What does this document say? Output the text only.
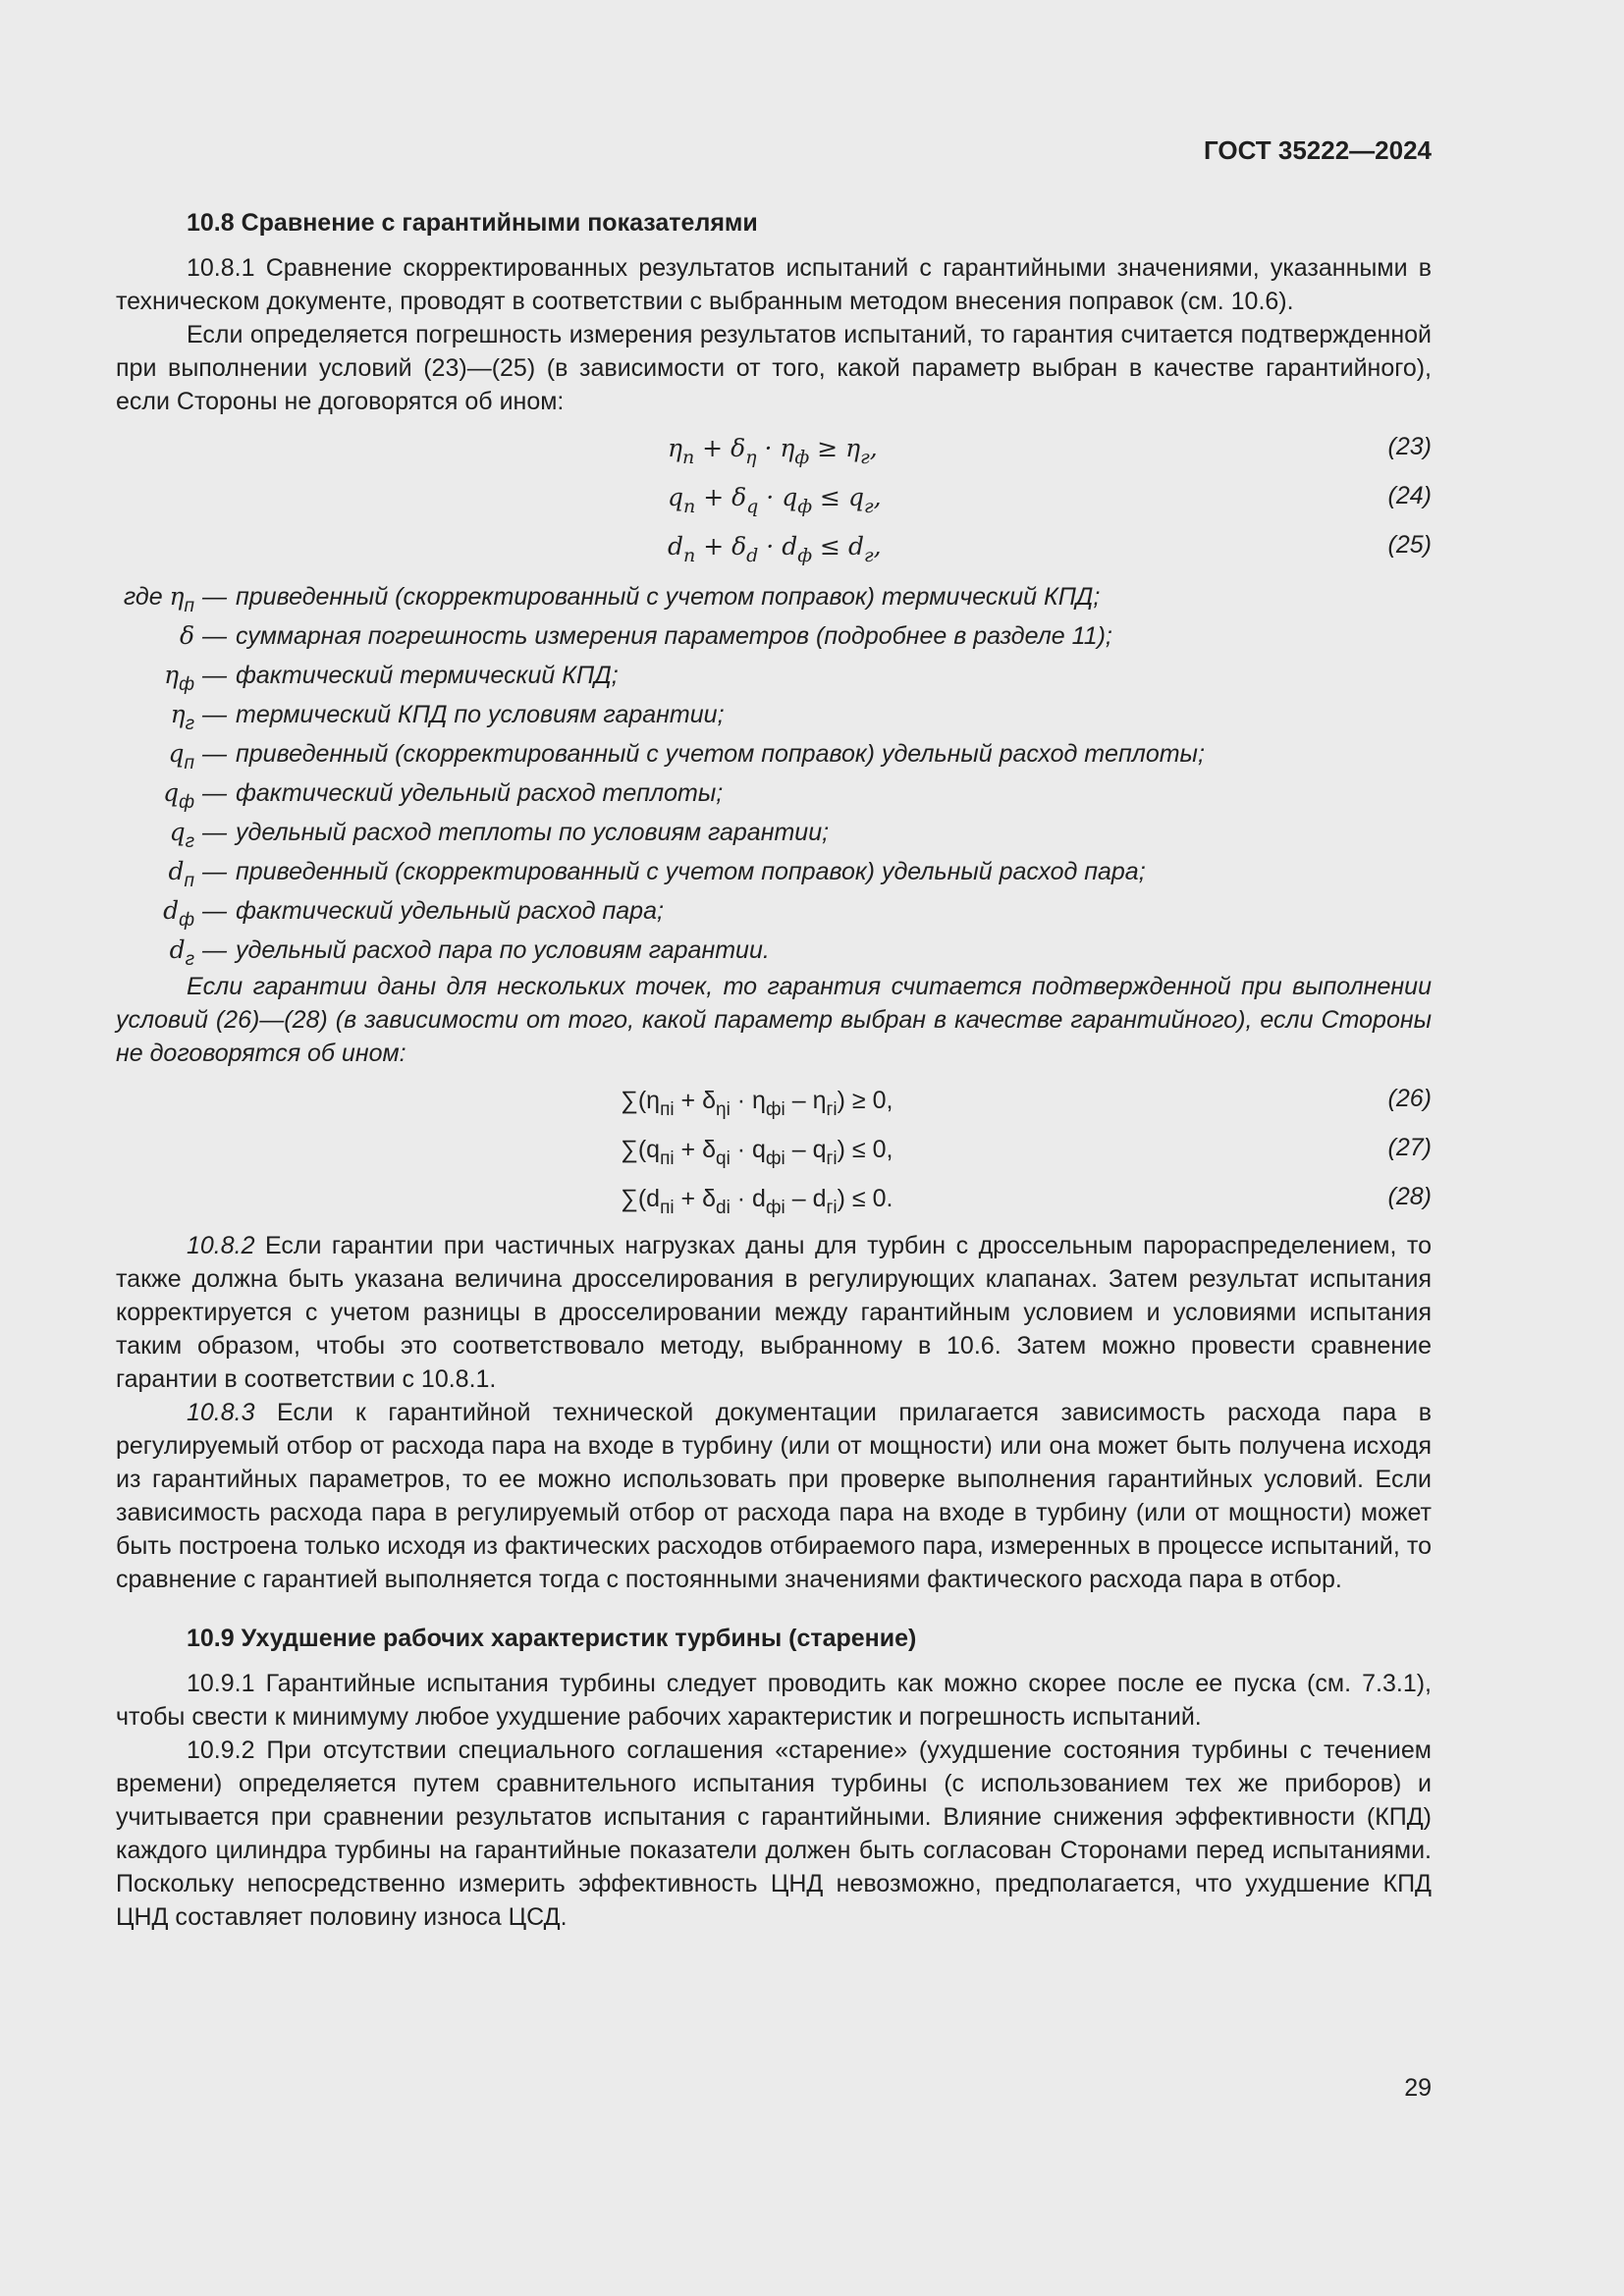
ГОСТ 35222—2024
10.8 Сравнение с гарантийными показателями

10.8.1 Сравнение скорректированных результатов испытаний с гарантийными значениями, указанными в техническом документе, проводят в соответствии с выбранным методом внесения поправок (см. 10.6).

Если определяется погрешность измерения результатов испытаний, то гарантия считается подтвержденной при выполнении условий (23)—(25) (в зависимости от того, какой параметр выбран в качестве гарантийного), если Стороны не договорятся об ином:

$\eta_п + \delta_\eta \cdot \eta_ф \ge \eta_г$,	(23)
$q_п + \delta_q \cdot q_ф \le q_г$,	(24)
$d_п + \delta_d \cdot d_ф \le d_г$,	(25)
где $\eta_п$ — приведенный (скорректированный с учетом поправок) термический КПД;
δ — суммарная погрешность измерения параметров (подробнее в разделе 11);
$\eta_ф$ — фактический термический КПД;
$\eta_г$ — термический КПД по условиям гарантии;
$q_п$ — приведенный (скорректированный с учетом поправок) удельный расход теплоты;
$q_ф$ — фактический удельный расход теплоты;
$q_г$ — удельный расход теплоты по условиям гарантии;
$d_п$ — приведенный (скорректированный с учетом поправок) удельный расход пара;
$d_ф$ — фактический удельный расход пара;
$d_г$ — удельный расход пара по условиям гарантии.

Если гарантии даны для нескольких точек, то гарантия считается подтвержденной при выполнении условий (26)—(28) (в зависимости от того, какой параметр выбран в качестве гарантийного), если Стороны не договорятся об ином:

$\sum(\eta_{пi} + \delta_{\eta i} \cdot \eta_{фi} - \eta_{гi}) \ge 0$,	(26)
$\sum(q_{пi} + \delta_{qi} \cdot q_{фi} - q_{гi}) \le 0$,	(27)
$\sum(d_{пi} + \delta_{di} \cdot d_{фi} - d_{гi}) \le 0$.	(28)

10.8.2 Если гарантии при частичных нагрузках даны для турбин с дроссельным парораспределением, то также должна быть указана величина дросселирования в регулирующих клапанах. Затем результат испытания корректируется с учетом разницы в дросселировании между гарантийным условием и условиями испытания таким образом, чтобы это соответствовало методу, выбранному в 10.6. Затем можно провести сравнение гарантии в соответствии с 10.8.1.

10.8.3 Если к гарантийной технической документации прилагается зависимость расхода пара в регулируемый отбор от расхода пара на входе в турбину (или от мощности) или она может быть получена исходя из гарантийных параметров, то ее можно использовать при проверке выполнения гарантийных условий. Если зависимость расхода пара в регулируемый отбор от расхода пара на входе в турбину (или от мощности) может быть построена только исходя из фактических расходов отбираемого пара, измеренных в процессе испытаний, то сравнение с гарантией выполняется тогда с постоянными значениями фактического расхода пара в отбор.

10.9 Ухудшение рабочих характеристик турбины (старение)

10.9.1 Гарантийные испытания турбины следует проводить как можно скорее после ее пуска (см. 7.3.1), чтобы свести к минимуму любое ухудшение рабочих характеристик и погрешность испытаний.

10.9.2 При отсутствии специального соглашения «старение» (ухудшение состояния турбины с течением времени) определяется путем сравнительного испытания турбины (с использованием тех же приборов) и учитывается при сравнении результатов испытания с гарантийными. Влияние снижения эффективности (КПД) каждого цилиндра турбины на гарантийные показатели должен быть согласован Сторонами перед испытаниями. Поскольку непосредственно измерить эффективность ЦНД невозможно, предполагается, что ухудшение КПД ЦНД составляет половину износа ЦСД.

29
